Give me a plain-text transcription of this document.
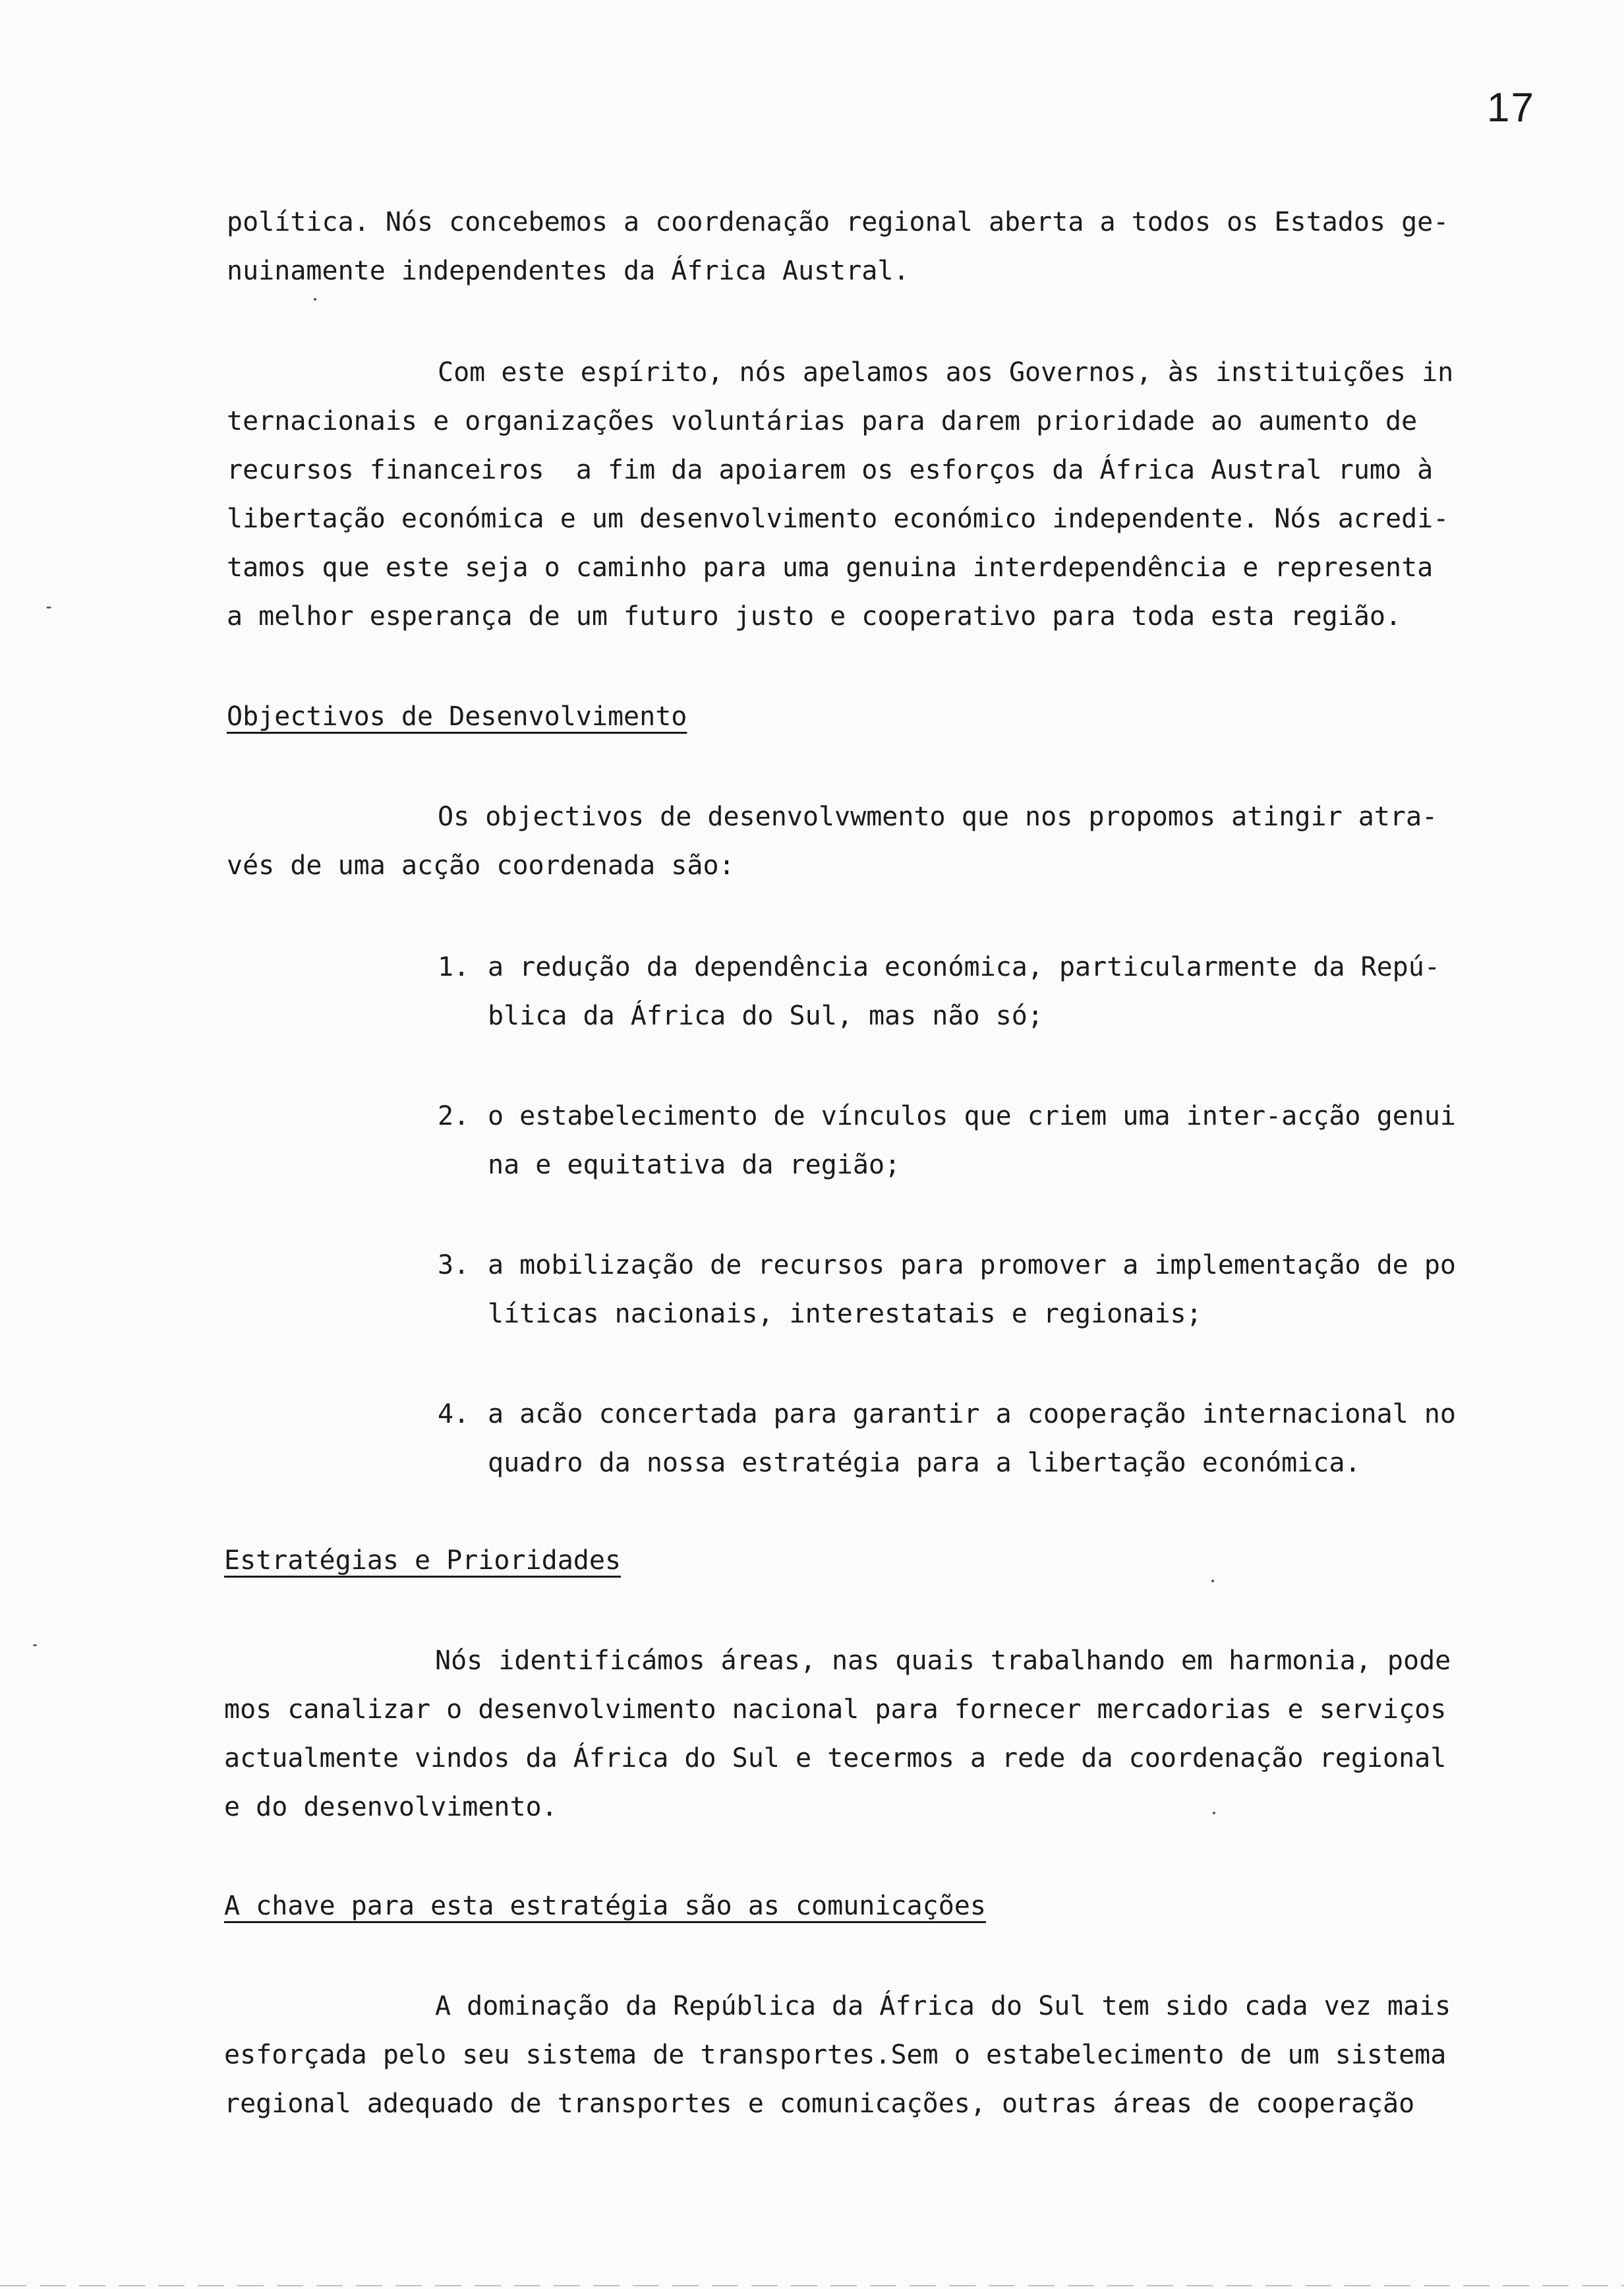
17
política. Nós concebemos a coordenação regional aberta a todos os Estados ge-
nuinamente independentes da África Austral.
Com este espírito, nós apelamos aos Governos, às instituições in
ternacionais e organizações voluntárias para darem prioridade ao aumento de
recursos financeiros  a fim da apoiarem os esforços da África Austral rumo à
libertação económica e um desenvolvimento económico independente. Nós acredi-
tamos que este seja o caminho para uma genuina interdependência e representa
a melhor esperança de um futuro justo e cooperativo para toda esta região.
Objectivos de Desenvolvimento
Os objectivos de desenvolvwmento que nos propomos atingir atra-
vés de uma acção coordenada são:
1. a redução da dependência económica, particularmente da Repú-
blica da África do Sul, mas não só;
2. o estabelecimento de vínculos que criem uma inter-acção genui
na e equitativa da região;
3. a mobilização de recursos para promover a implementação de po
líticas nacionais, interestatais e regionais;
4. a acão concertada para garantir a cooperação internacional no
quadro da nossa estratégia para a libertação económica.
Estratégias e Prioridades
Nós identificámos áreas, nas quais trabalhando em harmonia, pode
mos canalizar o desenvolvimento nacional para fornecer mercadorias e serviços
actualmente vindos da África do Sul e tecermos a rede da coordenação regional
e do desenvolvimento.
A chave para esta estratégia são as comunicações
A dominação da República da África do Sul tem sido cada vez mais
esforçada pelo seu sistema de transportes.Sem o estabelecimento de um sistema
regional adequado de transportes e comunicações, outras áreas de cooperação
